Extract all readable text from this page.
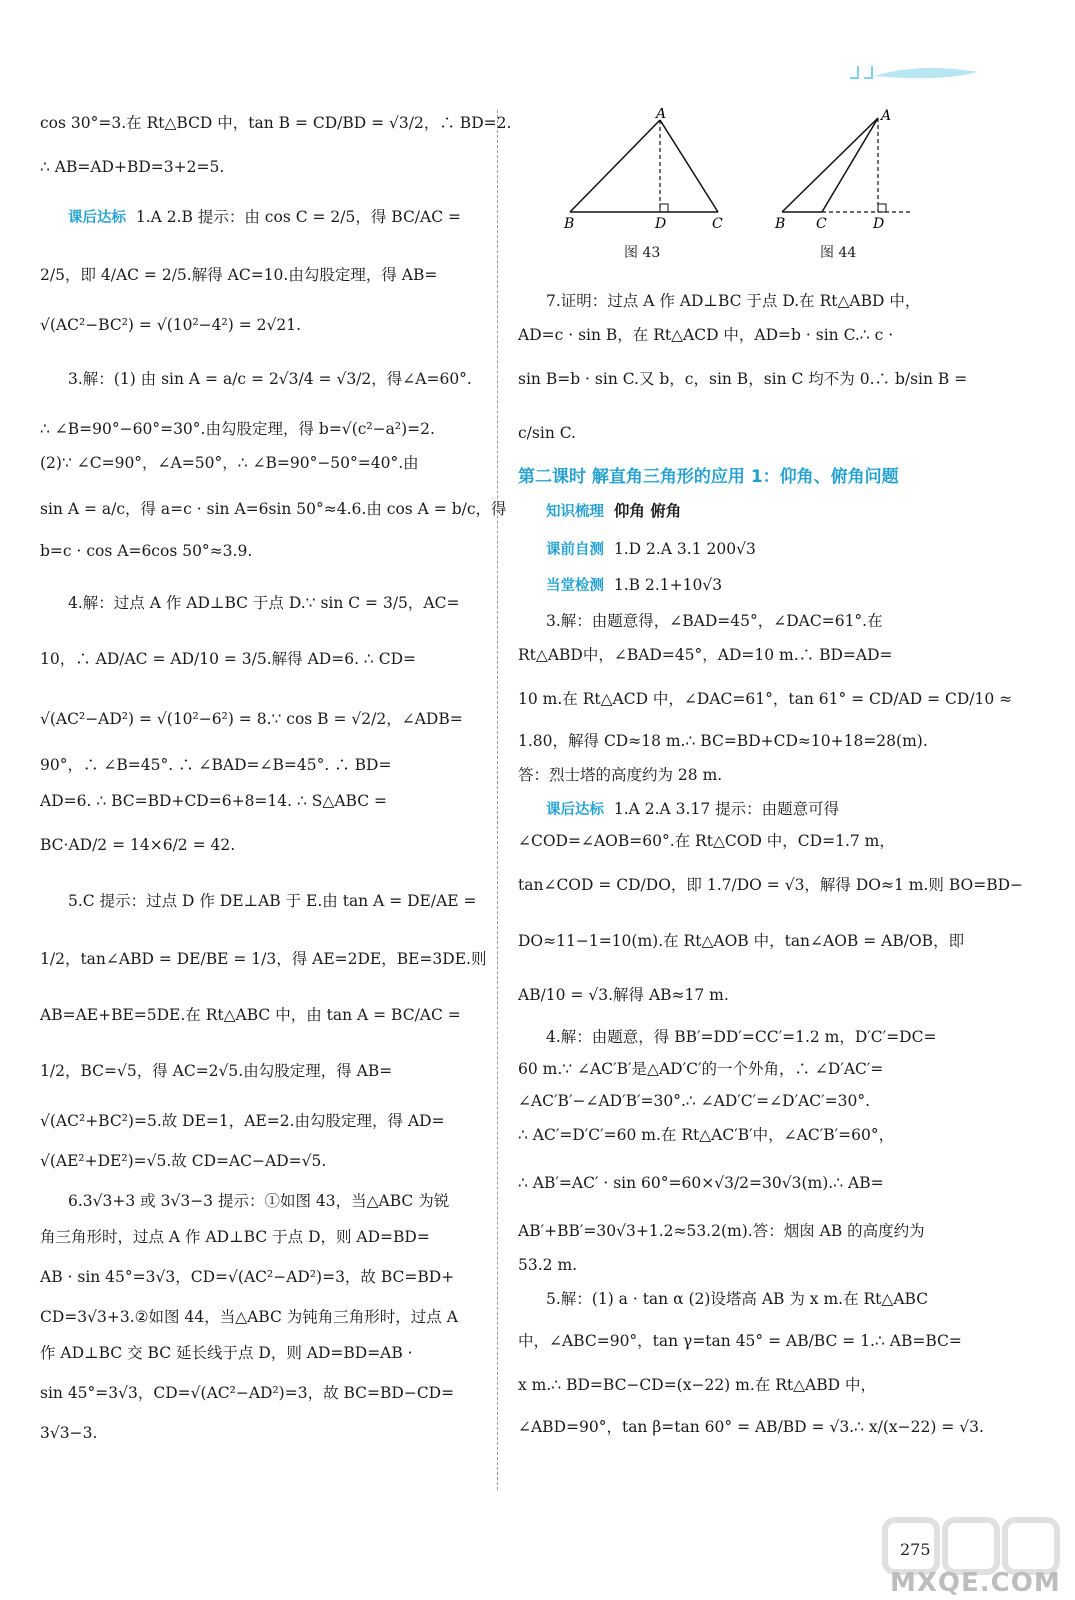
cos 30°=3.在 Rt△BCD 中，tan B = CD/BD = √3/2，∴ BD=2.
∴ AB=AD+BD=3+2=5.
课后达标 1.A 2.B 提示：由 cos C = 2/5，得 BC/AC =
2/5，即 4/AC = 2/5.解得 AC=10.由勾股定理，得 AB=
√(AC²−BC²) = √(10²−4²) = 2√21.
3.解：(1) 由 sin A = a/c = 2√3/4 = √3/2，得∠A=60°.
∴ ∠B=90°−60°=30°.由勾股定理，得 b=√(c²−a²)=2.
(2)∵ ∠C=90°，∠A=50°，∴ ∠B=90°−50°=40°.由
sin A = a/c，得 a=c · sin A=6sin 50°≈4.6.由 cos A = b/c，得
b=c · cos A=6cos 50°≈3.9.
4.解：过点 A 作 AD⊥BC 于点 D.∵ sin C = 3/5，AC=
10，∴ AD/AC = AD/10 = 3/5.解得 AD=6. ∴ CD=
√(AC²−AD²) = √(10²−6²) = 8.∵ cos B = √2/2，∠ADB=
90°，∴ ∠B=45°. ∴ ∠BAD=∠B=45°. ∴ BD=
AD=6. ∴ BC=BD+CD=6+8=14. ∴ S△ABC =
BC·AD/2 = 14×6/2 = 42.
5.C 提示：过点 D 作 DE⊥AB 于 E.由 tan A = DE/AE =
1/2，tan∠ABD = DE/BE = 1/3，得 AE=2DE，BE=3DE.则
AB=AE+BE=5DE.在 Rt△ABC 中，由 tan A = BC/AC =
1/2，BC=√5，得 AC=2√5.由勾股定理，得 AB=
√(AC²+BC²)=5.故 DE=1，AE=2.由勾股定理，得 AD=
√(AE²+DE²)=√5.故 CD=AC−AD=√5.
6.3√3+3 或 3√3−3 提示：①如图 43，当△ABC 为锐
角三角形时，过点 A 作 AD⊥BC 于点 D，则 AD=BD=
AB · sin 45°=3√3，CD=√(AC²−AD²)=3，故 BC=BD+
CD=3√3+3.②如图 44，当△ABC 为钝角三角形时，过点 A
作 AD⊥BC 交 BC 延长线于点 D，则 AD=BD=AB ·
sin 45°=3√3，CD=√(AC²−AD²)=3，故 BC=BD−CD=
3√3−3.
A
B	D	C
图 43
A
B C	D
图 44
7.证明：过点 A 作 AD⊥BC 于点 D.在 Rt△ABD 中，
AD=c · sin B，在 Rt△ACD 中，AD=b · sin C.∴ c ·
sin B=b · sin C.又 b，c，sin B，sin C 均不为 0.∴ b/sin B =
c/sin C.
第二课时 解直角三角形的应用 1：仰角、俯角问题
知识梳理 仰角 俯角
课前自测 1.D 2.A 3.1 200√3
当堂检测 1.B 2.1+10√3
3.解：由题意得，∠BAD=45°，∠DAC=61°.在
Rt△ABD中，∠BAD=45°，AD=10 m.∴ BD=AD=
10 m.在 Rt△ACD 中，∠DAC=61°，tan 61° = CD/AD = CD/10 ≈
1.80，解得 CD≈18 m.∴ BC=BD+CD≈10+18=28(m).
答：烈士塔的高度约为 28 m.
课后达标 1.A 2.A 3.17 提示：由题意可得
∠COD=∠AOB=60°.在 Rt△COD 中，CD=1.7 m，
tan∠COD = CD/DO，即 1.7/DO = √3，解得 DO≈1 m.则 BO=BD−
DO≈11−1=10(m).在 Rt△AOB 中，tan∠AOB = AB/OB，即
AB/10 = √3.解得 AB≈17 m.
4.解：由题意，得 BB′=DD′=CC′=1.2 m，D′C′=DC=
60 m.∵ ∠AC′B′是△AD′C′的一个外角，∴ ∠D′AC′=
∠AC′B′−∠AD′B′=30°.∴ ∠AD′C′=∠D′AC′=30°.
∴ AC′=D′C′=60 m.在 Rt△AC′B′中，∠AC′B′=60°，
∴ AB′=AC′ · sin 60°=60×√3/2=30√3(m).∴ AB=
AB′+BB′=30√3+1.2≈53.2(m).答：烟囱 AB 的高度约为
53.2 m.
5.解：(1) a · tan α (2)设塔高 AB 为 x m.在 Rt△ABC
中，∠ABC=90°，tan γ=tan 45° = AB/BC = 1.∴ AB=BC=
x m.∴ BD=BC−CD=(x−22) m.在 Rt△ABD 中，
∠ABD=90°，tan β=tan 60° = AB/BD = √3.∴ x/(x−22) = √3.
275
MXQE.COM
